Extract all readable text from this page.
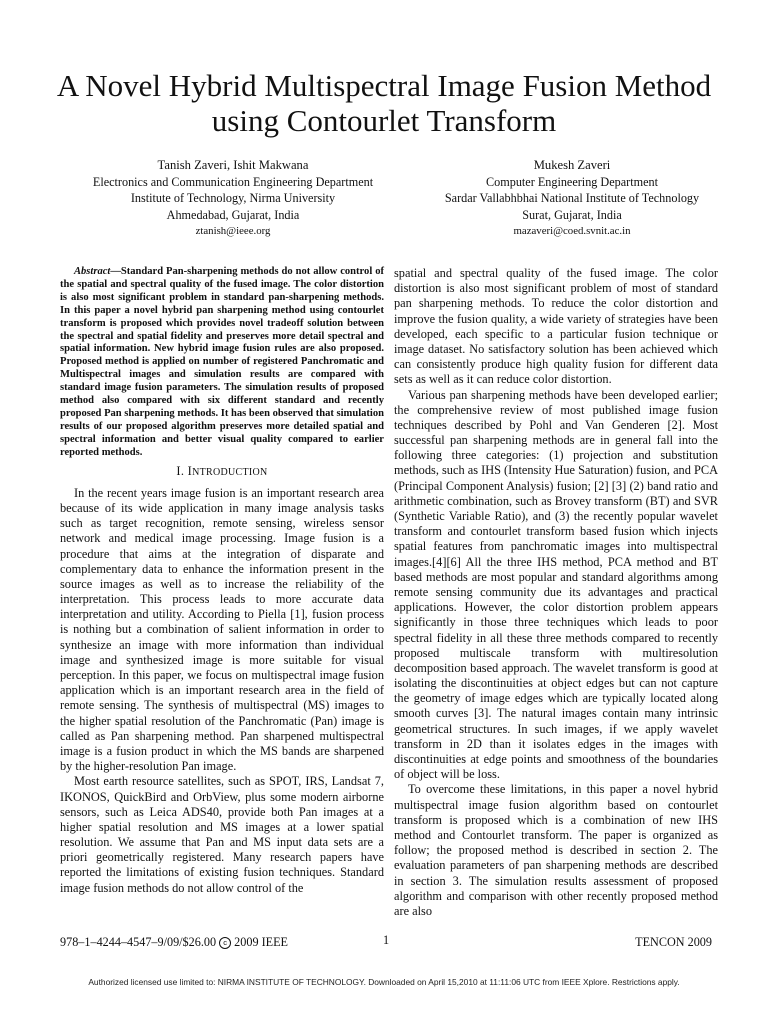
A Novel Hybrid Multispectral Image Fusion Method
using Contourlet Transform
Tanish Zaveri, Ishit Makwana
Electronics and Communication Engineering Department
Institute of Technology, Nirma University
Ahmedabad, Gujarat, India
ztanish@ieee.org
Mukesh Zaveri
Computer Engineering Department
Sardar Vallabhbhai National Institute of Technology
Surat, Gujarat, India
mazaveri@coed.svnit.ac.in

Abstract—Standard Pan-sharpening methods do not allow control of the spatial and spectral quality of the fused image. The color distortion is also most significant problem in standard pan-sharpening methods. In this paper a novel hybrid pan sharpening method using contourlet transform is proposed which provides novel tradeoff solution between the spectral and spatial fidelity and preserves more detail spectral and spatial information. New hybrid image fusion rules are also proposed. Proposed method is applied on number of registered Panchromatic and Multispectral images and simulation results are compared with standard image fusion parameters. The simulation results of proposed method also compared with six different standard and recently proposed Pan sharpening methods. It has been observed that simulation results of our proposed algorithm preserves more detailed spatial and spectral information and better visual quality compared to earlier reported methods.

I. INTRODUCTION

In the recent years image fusion is an important research area because of its wide application in many image analysis tasks such as target recognition, remote sensing, wireless sensor network and medical image processing. Image fusion is a procedure that aims at the integration of disparate and complementary data to enhance the information present in the source images as well as to increase the reliability of the interpretation. This process leads to more accurate data interpretation and utility. According to Piella [1], fusion process is nothing but a combination of salient information in order to synthesize an image with more information than individual image and synthesized image is more suitable for visual perception. In this paper, we focus on multispectral image fusion application which is an important research area in the field of remote sensing. The synthesis of multispectral (MS) images to the higher spatial resolution of the Panchromatic (Pan) image is called as Pan sharpening method. Pan sharpened multispectral image is a fusion product in which the MS bands are sharpened by the higher-resolution Pan image.

Most earth resource satellites, such as SPOT, IRS, Landsat 7, IKONOS, QuickBird and OrbView, plus some modern airborne sensors, such as Leica ADS40, provide both Pan images at a higher spatial resolution and MS images at a lower spatial resolution. We assume that Pan and MS input data sets are a priori geometrically registered. Many research papers have reported the limitations of existing fusion techniques. Standard image fusion methods do not allow control of the

spatial and spectral quality of the fused image. The color distortion is also most significant problem of most of standard pan sharpening methods. To reduce the color distortion and improve the fusion quality, a wide variety of strategies have been developed, each specific to a particular fusion technique or image dataset. No satisfactory solution has been achieved which can consistently produce high quality fusion for different data sets as well as it can reduce color distortion.

Various pan sharpening methods have been developed earlier; the comprehensive review of most published image fusion techniques described by Pohl and Van Genderen [2]. Most successful pan sharpening methods are in general fall into the following three categories: (1) projection and substitution methods, such as IHS (Intensity Hue Saturation) fusion, and PCA (Principal Component Analysis) fusion; [2] [3] (2) band ratio and arithmetic combination, such as Brovey transform (BT) and SVR (Synthetic Variable Ratio), and (3) the recently popular wavelet transform and contourlet transform based fusion which injects spatial features from panchromatic images into multispectral images.[4][6] All the three IHS method, PCA method and BT based methods are most popular and standard algorithms among remote sensing community due its advantages and practical applications. However, the color distortion problem appears significantly in those three techniques which leads to poor spectral fidelity in all these three methods compared to recently proposed multiscale transform with multiresolution decomposition based approach. The wavelet transform is good at isolating the discontinuities at object edges but can not capture the geometry of image edges which are typically located along smooth curves [3]. The natural images contain many intrinsic geometrical structures. In such images, if we apply wavelet transform in 2D than it isolates edges in the images with discontinuities at edge points and smoothness of the boundaries of object will be loss.

To overcome these limitations, in this paper a novel hybrid multispectral image fusion algorithm based on contourlet transform is proposed which is a combination of new IHS method and Contourlet transform. The paper is organized as follow; the proposed method is described in section 2. The evaluation parameters of pan sharpening methods are described in section 3. The simulation results assessment of proposed algorithm and comparison with other recently proposed method are also

978–1–4244–4547–9/09/$26.00 c 2009 IEEE	1	TENCON 2009
Authorized licensed use limited to: NIRMA INSTITUTE OF TECHNOLOGY. Downloaded on April 15,2010 at 11:11:06 UTC from IEEE Xplore. Restrictions apply.
